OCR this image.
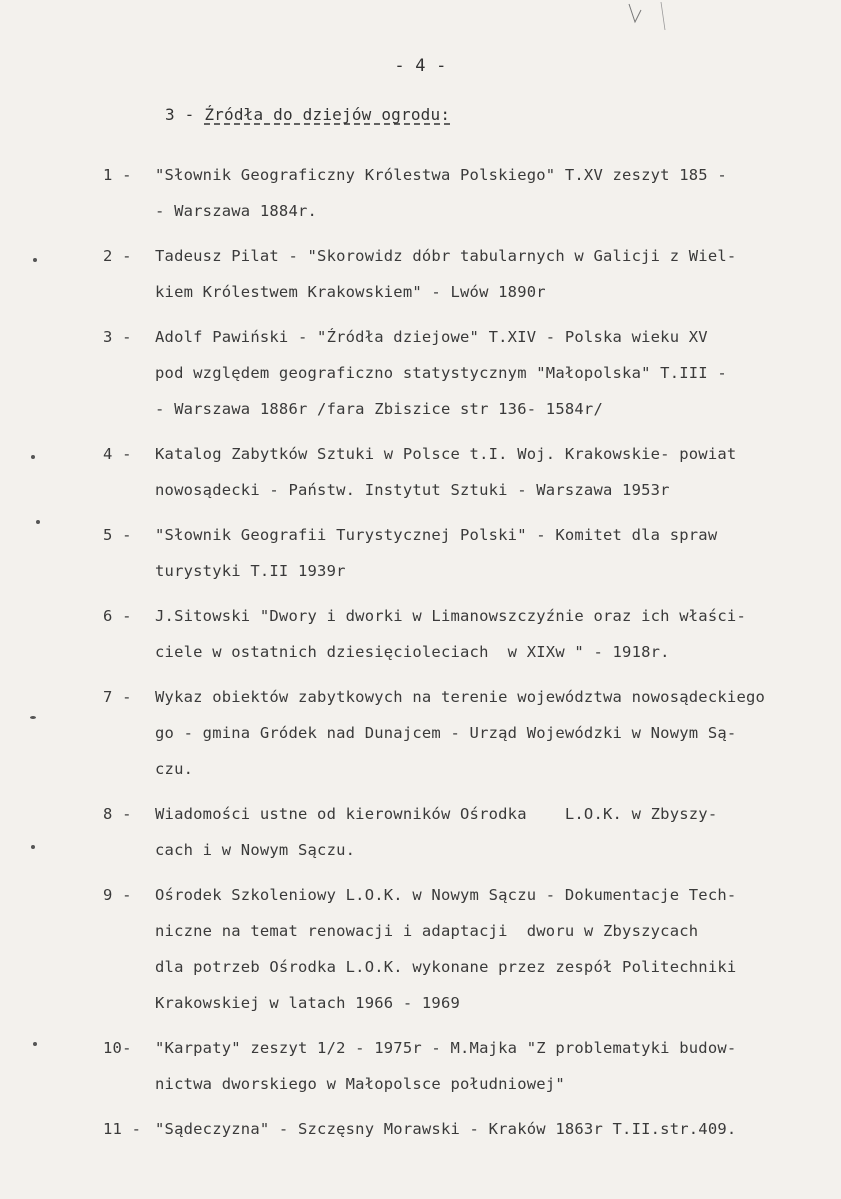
- 4 -
3 - Źródła do dziejów ogrodu:
1 -	"Słownik Geograficzny Królestwa Polskiego" T.XV zeszyt 185 -
- Warszawa 1884r.
2 -	Tadeusz Pilat - "Skorowidz dóbr tabularnych w Galicji z Wiel-
kiem Królestwem Krakowskiem" - Lwów 1890r
3 -	Adolf Pawiński - "Źródła dziejowe" T.XIV - Polska wieku XV
pod względem geograficzno statystycznym "Małopolska" T.III -
- Warszawa 1886r /fara Zbiszice str 136- 1584r/
4 -	Katalog Zabytków Sztuki w Polsce t.I. Woj. Krakowskie- powiat
nowosądecki - Państw. Instytut Sztuki - Warszawa 1953r
5 -	"Słownik Geografii Turystycznej Polski" - Komitet dla spraw
turystyki T.II 1939r
6 -	J.Sitowski "Dwory i dworki w Limanowszczyźnie oraz ich właści-
ciele w ostatnich dziesięcioleciach  w XIXw " - 1918r.
7 -	Wykaz obiektów zabytkowych na terenie województwa nowosądeckiego
go - gmina Gródek nad Dunajcem - Urząd Wojewódzki w Nowym Są-
czu.
8 -	Wiadomości ustne od kierowników Ośrodka    L.O.K. w Zbyszy-
cach i w Nowym Sączu.
9 -	Ośrodek Szkoleniowy L.O.K. w Nowym Sączu - Dokumentacje Tech-
niczne na temat renowacji i adaptacji  dworu w Zbyszycach
dla potrzeb Ośrodka L.O.K. wykonane przez zespół Politechniki
Krakowskiej w latach 1966 - 1969
10-	"Karpaty" zeszyt 1/2 - 1975r - M.Majka "Z problematyki budow-
nictwa dworskiego w Małopolsce południowej"
11 - "Sądeczyzna" - Szczęsny Morawski - Kraków 1863r T.II.str.409.
